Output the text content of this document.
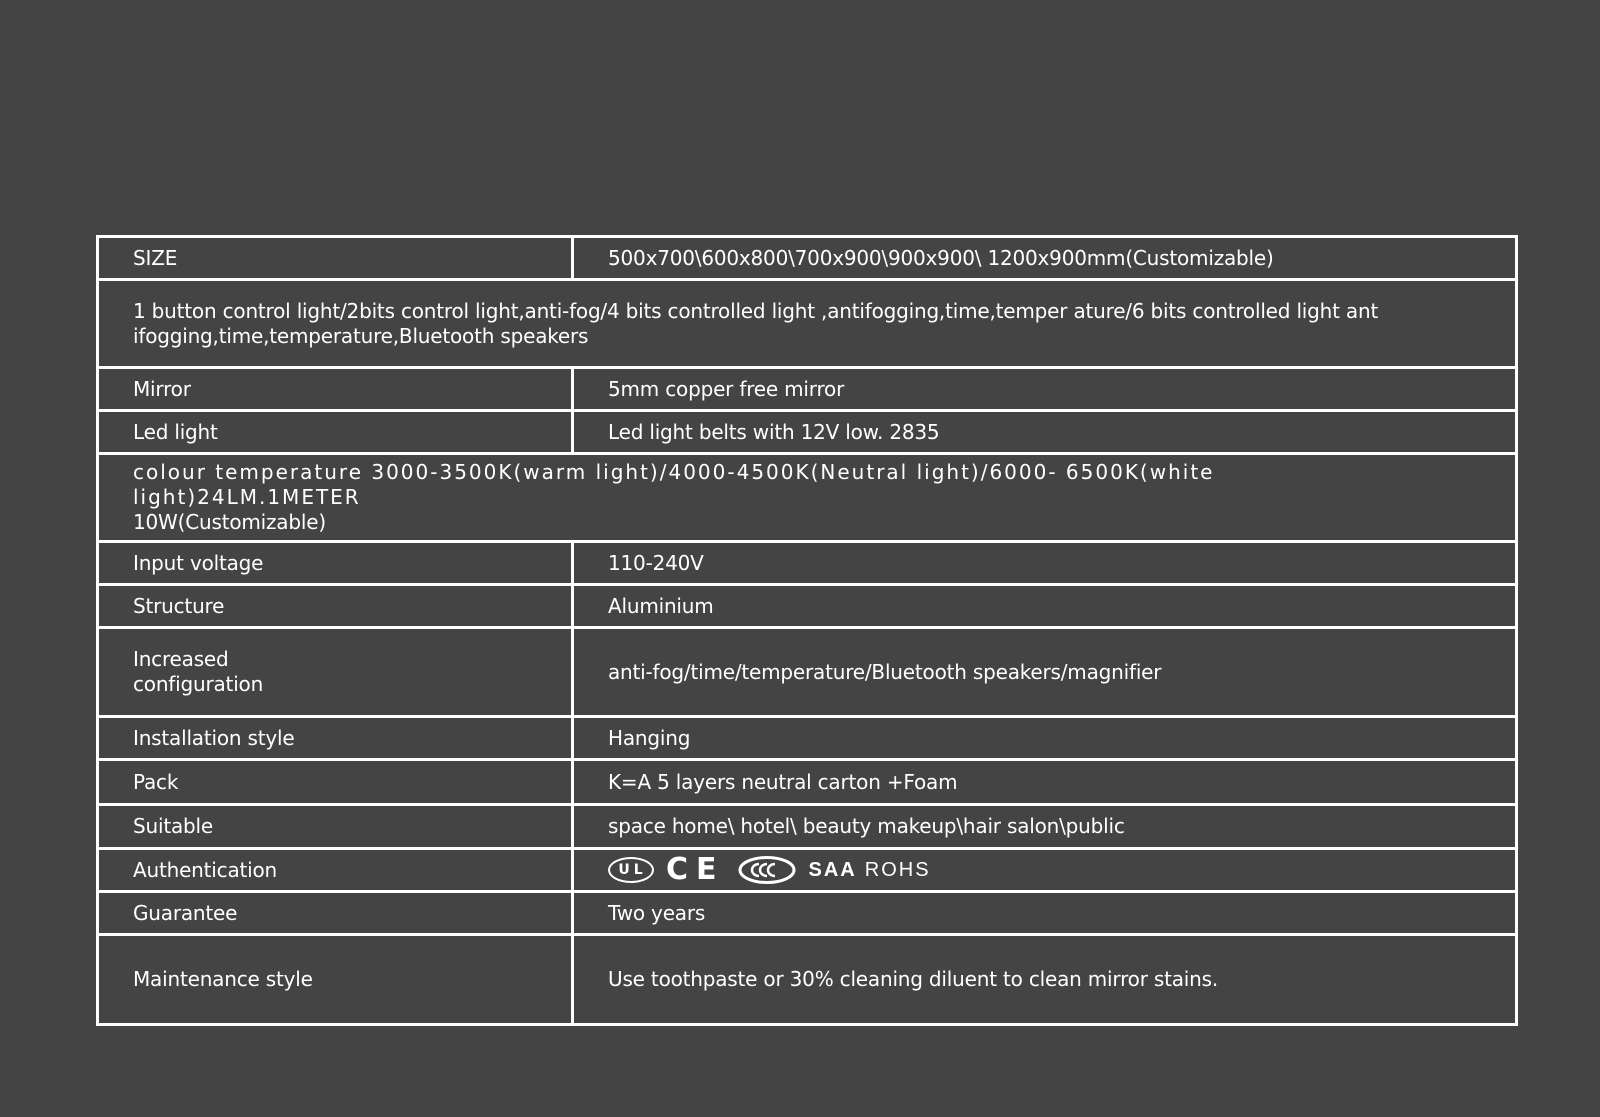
SIZE	500x700\600x800\700x900\900x900\ 1200x900mm(Customizable)
1 button control light/2bits control light,anti-fog/4 bits controlled light ,antifogging,time,temper ature/6 bits controlled light ant ifogging,time,temperature,Bluetooth speakers	
Mirror	5mm copper free mirror
Led light	Led light belts with 12V low. 2835

colour temperature 3000-3500K(warm light)/4000-4500K(Neutral light)/6000- 6500K(white light)24LM.1METER
10W(Customizable)	

Input voltage	110-240V
Structure	Aluminium
Increased
configuration	anti-fog/time/temperature/Bluetooth speakers/magnifier
Installation style	Hanging
Pack	K=A 5 layers neutral carton +Foam
Suitable	space home\ hotel\ beauty makeup\hair salon\public
Authentication	UL CE SAA ROHS

Guarantee	Two years
Maintenance style	Use toothpaste or 30% cleaning diluent to clean mirror stains.
